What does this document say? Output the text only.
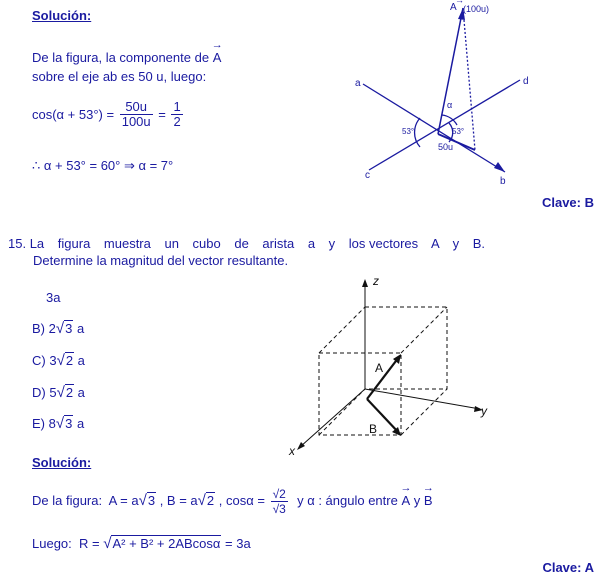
Solución:
De la figura, la componente de → A
sobre el eje ab es 50 u, luego:
$\cos(\alpha + 53^\circ) = \frac{50u}{100u} = \frac{1}{2}$
∴ α + 53° = 60° ⇒ α = 7°
Clave: B
A
→
(100u)
a	d
c
b
53°	53°
α
50u
15. La figura muestra un cubo de arista a y los vectores A y B.
Determine la magnitud del vector resultante.
3a
B) 2√3 a
C) 3√2 a
D) 5√2 a
E) 8√3 a
z
y
x
A
B
Solución:
De la figura: A = a√3 , B = a√2 , $\cos\alpha = \frac{√2}{√3}$ y α : ángulo entre → A y → B
Luego: R = √A² + B² + 2ABcosα = 3a
Clave: A
